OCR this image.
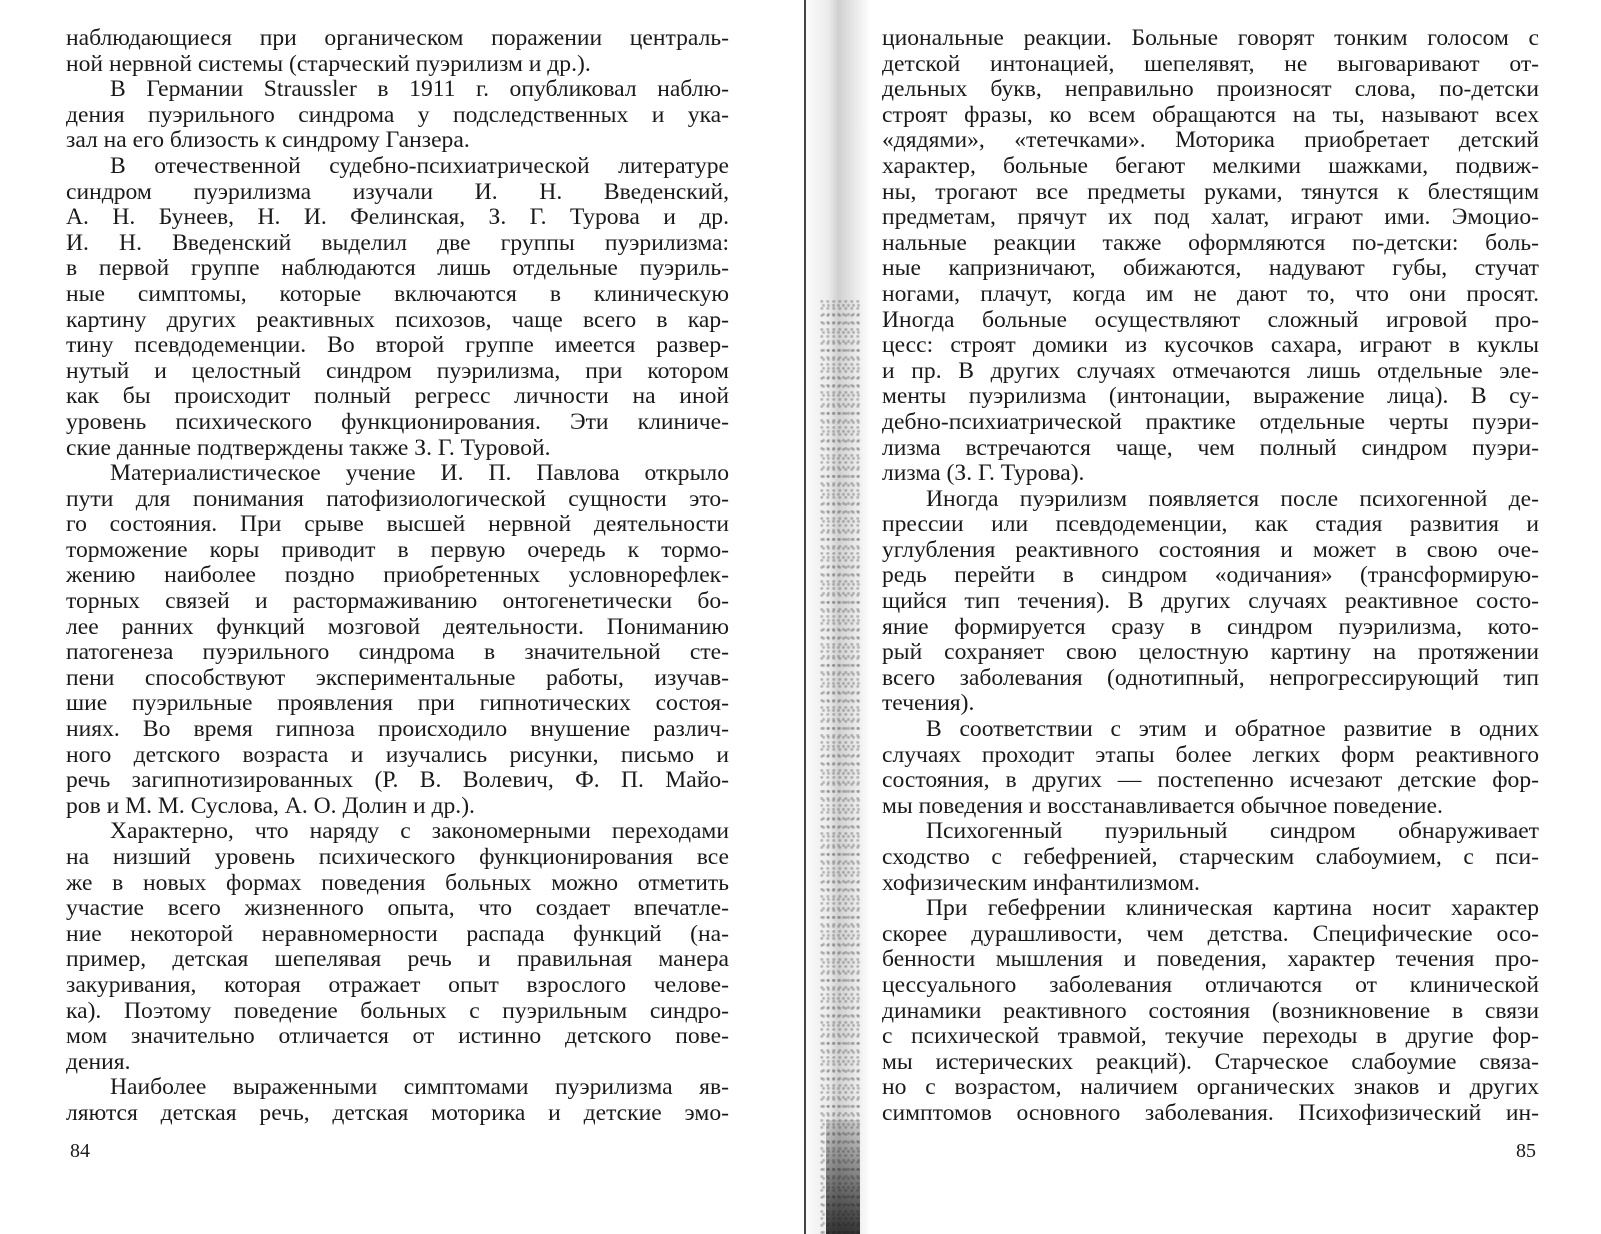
наблюдающиеся при органическом поражении централь-
ной нервной системы (старческий пуэрилизм и др.).
В Германии Straussler в 1911 г. опубликовал наблю-
дения пуэрильного синдрома у подследственных и ука-
зал на его близость к синдрому Ганзера.
В отечественной судебно-психиатрической литературе
синдром пуэрилизма изучали И. Н. Введенский,
А. Н. Бунеев, Н. И. Фелинская, З. Г. Турова и др.
И. Н. Введенский выделил две группы пуэрилизма:
в первой группе наблюдаются лишь отдельные пуэриль-
ные симптомы, которые включаются в клиническую
картину других реактивных психозов, чаще всего в кар-
тину псевдодеменции. Во второй группе имеется развер-
нутый и целостный синдром пуэрилизма, при котором
как бы происходит полный регресс личности на иной
уровень психического функционирования. Эти клиниче-
ские данные подтверждены также З. Г. Туровой.
Материалистическое учение И. П. Павлова открыло
пути для понимания патофизиологической сущности это-
го состояния. При срыве высшей нервной деятельности
торможение коры приводит в первую очередь к тормо-
жению наиболее поздно приобретенных условнорефлек-
торных связей и растормаживанию онтогенетически бо-
лее ранних функций мозговой деятельности. Пониманию
патогенеза пуэрильного синдрома в значительной сте-
пени способствуют экспериментальные работы, изучав-
шие пуэрильные проявления при гипнотических состоя-
ниях. Во время гипноза происходило внушение различ-
ного детского возраста и изучались рисунки, письмо и
речь загипнотизированных (Р. В. Волевич, Ф. П. Майо-
ров и М. М. Суслова, А. О. Долин и др.).
Характерно, что наряду с закономерными переходами
на низший уровень психического функционирования все
же в новых формах поведения больных можно отметить
участие всего жизненного опыта, что создает впечатле-
ние некоторой неравномерности распада функций (на-
пример, детская шепелявая речь и правильная манера
закуривания, которая отражает опыт взрослого челове-
ка). Поэтому поведение больных с пуэрильным синдро-
мом значительно отличается от истинно детского пове-
дения.
Наиболее выраженными симптомами пуэрилизма яв-
ляются детская речь, детская моторика и детские эмо-
84
циональные реакции. Больные говорят тонким голосом с
детской интонацией, шепелявят, не выговаривают от-
дельных букв, неправильно произносят слова, по-детски
строят фразы, ко всем обращаются на ты, называют всех
«дядями», «тетечками». Моторика приобретает детский
характер, больные бегают мелкими шажками, подвиж-
ны, трогают все предметы руками, тянутся к блестящим
предметам, прячут их под халат, играют ими. Эмоцио-
нальные реакции также оформляются по-детски: боль-
ные капризничают, обижаются, надувают губы, стучат
ногами, плачут, когда им не дают то, что они просят.
Иногда больные осуществляют сложный игровой про-
цесс: строят домики из кусочков сахара, играют в куклы
и пр. В других случаях отмечаются лишь отдельные эле-
менты пуэрилизма (интонации, выражение лица). В су-
дебно-психиатрической практике отдельные черты пуэри-
лизма встречаются чаще, чем полный синдром пуэри-
лизма (З. Г. Турова).
Иногда пуэрилизм появляется после психогенной де-
прессии или псевдодеменции, как стадия развития и
углубления реактивного состояния и может в свою оче-
редь перейти в синдром «одичания» (трансформирую-
щийся тип течения). В других случаях реактивное состо-
яние формируется сразу в синдром пуэрилизма, кото-
рый сохраняет свою целостную картину на протяжении
всего заболевания (однотипный, непрогрессирующий тип
течения).
В соответствии с этим и обратное развитие в одних
случаях проходит этапы более легких форм реактивного
состояния, в других — постепенно исчезают детские фор-
мы поведения и восстанавливается обычное поведение.
Психогенный пуэрильный синдром обнаруживает
сходство с гебефренией, старческим слабоумием, с пси-
хофизическим инфантилизмом.
При гебефрении клиническая картина носит характер
скорее дурашливости, чем детства. Специфические осо-
бенности мышления и поведения, характер течения про-
цессуального заболевания отличаются от клинической
динамики реактивного состояния (возникновение в связи
с психической травмой, текучие переходы в другие фор-
мы истерических реакций). Старческое слабоумие связа-
но с возрастом, наличием органических знаков и других
симптомов основного заболевания. Психофизический ин-
85
